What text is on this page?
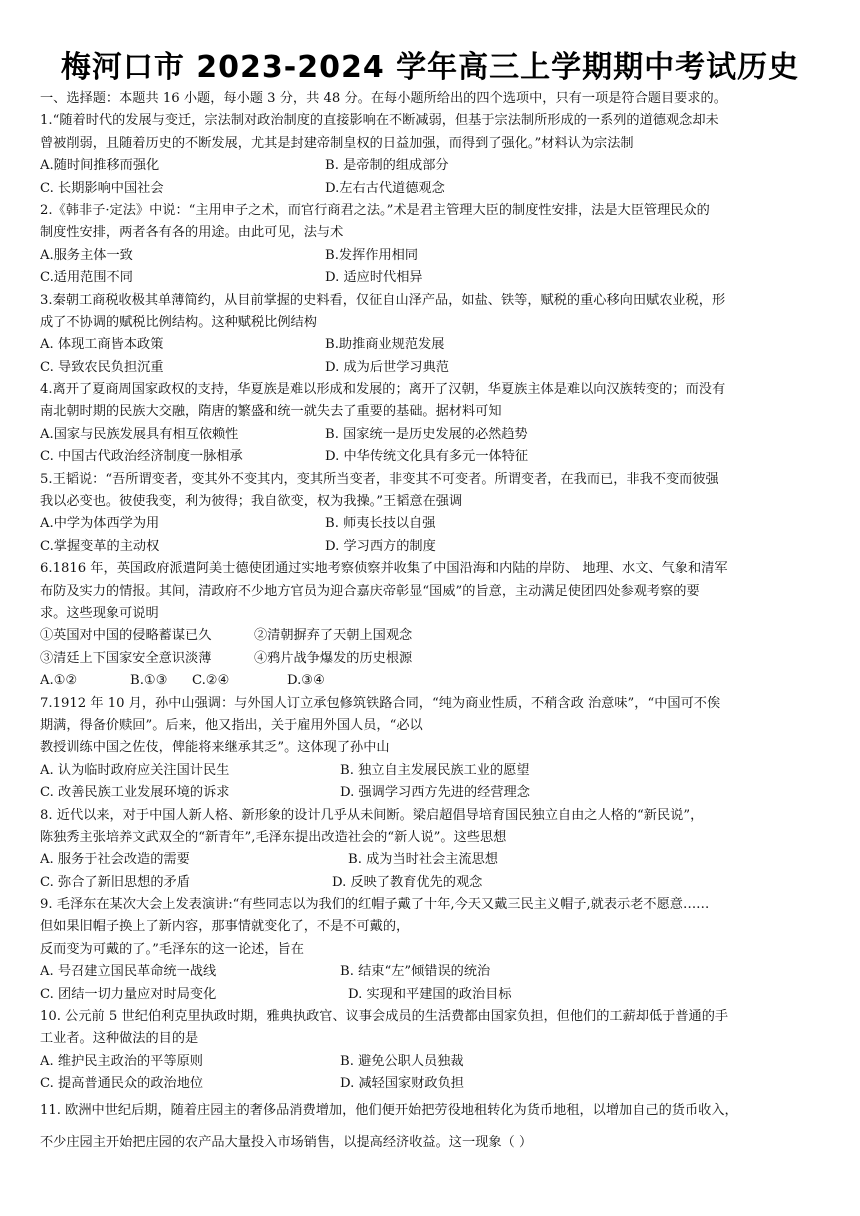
梅河口市 2023-2024 学年高三上学期期中考试历史
一、选择题：本题共 16 小题，每小题 3 分，共 48 分。在每小题所给出的四个选项中，只有一项是符合题目要求的。
1.“随着时代的发展与变迁，宗法制对政治制度的直接影响在不断减弱，但基于宗法制所形成的一系列的道德观念却未
曾被削弱，且随着历史的不断发展，尤其是封建帝制皇权的日益加强，而得到了强化。”材料认为宗法制
A.随时间推移而强化	B. 是帝制的组成部分
C. 长期影响中国社会	D.左右古代道德观念
2.《韩非子·定法》中说：“主用申子之术，而官行商君之法。”术是君主管理大臣的制度性安排，法是大臣管理民众的
制度性安排，两者各有各的用途。由此可见，法与术
A.服务主体一致	B.发挥作用相同
C.适用范围不同	D. 适应时代相异
3.秦朝工商税收极其单薄简约，从目前掌握的史料看，仅征自山泽产品，如盐、铁等，赋税的重心移向田赋农业税，形
成了不协调的赋税比例结构。这种赋税比例结构
A. 体现工商皆本政策	B.助推商业规范发展
C. 导致农民负担沉重	D. 成为后世学习典范
4.离开了夏商周国家政权的支持，华夏族是难以形成和发展的；离开了汉朝，华夏族主体是难以向汉族转变的；而没有
南北朝时期的民族大交融，隋唐的繁盛和统一就失去了重要的基础。据材料可知
A.国家与民族发展具有相互依赖性	B. 国家统一是历史发展的必然趋势
C. 中国古代政治经济制度一脉相承	D. 中华传统文化具有多元一体特征
5.王韬说：“吾所谓变者，变其外不变其内，变其所当变者，非变其不可变者。所谓变者，在我而已，非我不变而彼强
我以必变也。彼使我变，利为彼得；我自欲变，权为我操。”王韬意在强调
A.中学为体西学为用	B. 师夷长技以自强
C.掌握变革的主动权	D. 学习西方的制度
6.1816 年，英国政府派遣阿美士德使团通过实地考察侦察并收集了中国沿海和内陆的岸防、 地理、水文、气象和清军
布防及实力的情报。其间，清政府不少地方官员为迎合嘉庆帝彰显“国威”的旨意，主动满足使团四处参观考察的要
求。这些现象可说明
①英国对中国的侵略蓄谋已久	②清朝摒弃了天朝上国观念
③清廷上下国家安全意识淡薄	④鸦片战争爆发的历史根源
A.①②	B.①③	C.②④	D.③④
7.1912 年 10 月，孙中山强调：与外国人订立承包修筑铁路合同，“纯为商业性质，不稍含政 治意味”，“中国可不俟
期满，得备价赎回”。后来，他又指出，关于雇用外国人员，“必以
教授训练中国之佐伎，俾能将来继承其乏”。这体现了孙中山
A. 认为临时政府应关注国计民生	B. 独立自主发展民族工业的愿望
C. 改善民族工业发展环境的诉求	D. 强调学习西方先进的经营理念
8. 近代以来，对于中国人新人格、新形象的设计几乎从未间断。梁启超倡导培育国民独立自由之人格的“新民说”，
陈独秀主张培养文武双全的“新青年”,毛泽东提出改造社会的“新人说”。这些思想
A. 服务于社会改造的需要	B. 成为当时社会主流思想
C. 弥合了新旧思想的矛盾	D. 反映了教育优先的观念
9. 毛泽东在某次大会上发表演讲:“有些同志以为我们的红帽子戴了十年,今天又戴三民主义帽子,就表示老不愿意……
但如果旧帽子换上了新内容，那事情就变化了，不是不可戴的，
反而变为可戴的了。”毛泽东的这一论述，旨在
A. 号召建立国民革命统一战线	B. 结束“左”倾错误的统治
C. 团结一切力量应对时局变化	D. 实现和平建国的政治目标
10. 公元前 5 世纪伯利克里执政时期，雅典执政官、议事会成员的生活费都由国家负担，但他们的工薪却低于普通的手
工业者。这种做法的目的是
A. 维护民主政治的平等原则	B. 避免公职人员独裁
C. 提高普通民众的政治地位	D. 减轻国家财政负担
11. 欧洲中世纪后期，随着庄园主的奢侈品消费增加，他们便开始把劳役地租转化为货币地租，以增加自己的货币收入，
不少庄园主开始把庄园的农产品大量投入市场销售，以提高经济收益。这一现象（ ）
